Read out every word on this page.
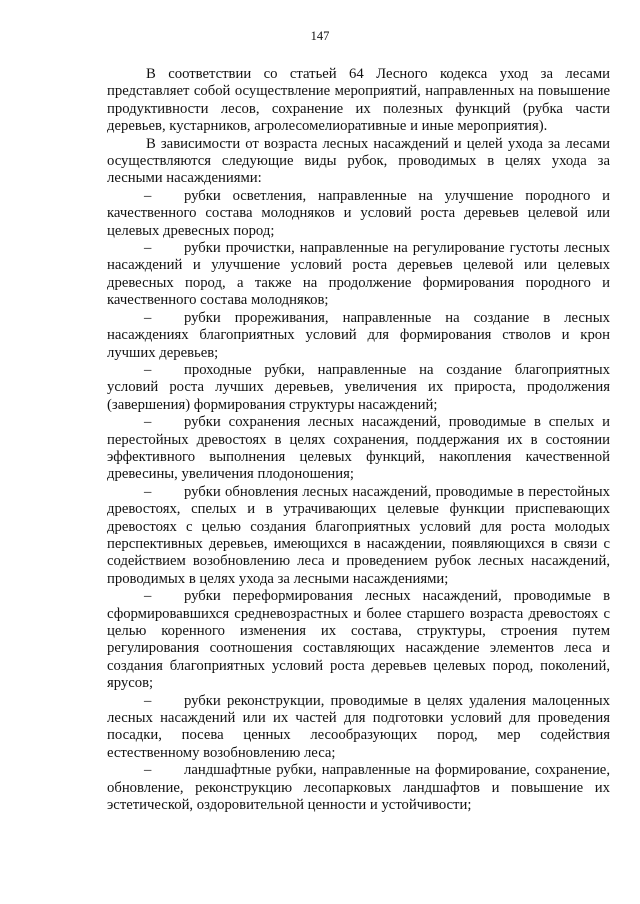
147

В соответствии со статьей 64 Лесного кодекса уход за лесами представляет собой осуществление мероприятий, направленных на повышение продуктивности лесов, сохранение их полезных функций (рубка части деревьев, кустарников, агролесомелиоративные и иные мероприятия).

В зависимости от возраста лесных насаждений и целей ухода за лесами осуществляются следующие виды рубок, проводимых в целях ухода за лесными насаждениями:

– рубки осветления, направленные на улучшение породного и качественного состава молодняков и условий роста деревьев целевой или целевых древесных пород;

– рубки прочистки, направленные на регулирование густоты лесных насаждений и улучшение условий роста деревьев целевой или целевых древесных пород, а также на продолжение формирования породного и качественного состава молодняков;

– рубки прореживания, направленные на создание в лесных насаждениях благоприятных условий для формирования стволов и крон лучших деревьев;

– проходные рубки, направленные на создание благоприятных условий роста лучших деревьев, увеличения их прироста, продолжения (завершения) формирования структуры насаждений;

– рубки сохранения лесных насаждений, проводимые в спелых и перестойных древостоях в целях сохранения, поддержания их в состоянии эффективного выполнения целевых функций, накопления качественной древесины, увеличения плодоношения;

– рубки обновления лесных насаждений, проводимые в перестойных древостоях, спелых и в утрачивающих целевые функции приспевающих древостоях с целью создания благоприятных условий для роста молодых перспективных деревьев, имеющихся в насаждении, появляющихся в связи с содействием возобновлению леса и проведением рубок лесных насаждений, проводимых в целях ухода за лесными насаждениями;

– рубки переформирования лесных насаждений, проводимые в сформировавшихся средневозрастных и более старшего возраста древостоях с целью коренного изменения их состава, структуры, строения путем регулирования соотношения составляющих насаждение элементов леса и создания благоприятных условий роста деревьев целевых пород, поколений, ярусов;

– рубки реконструкции, проводимые в целях удаления малоценных лесных насаждений или их частей для подготовки условий для проведения посадки, посева ценных лесообразующих пород, мер содействия естественному возобновлению леса;

– ландшафтные рубки, направленные на формирование, сохранение, обновление, реконструкцию лесопарковых ландшафтов и повышение их эстетической, оздоровительной ценности и устойчивости;
